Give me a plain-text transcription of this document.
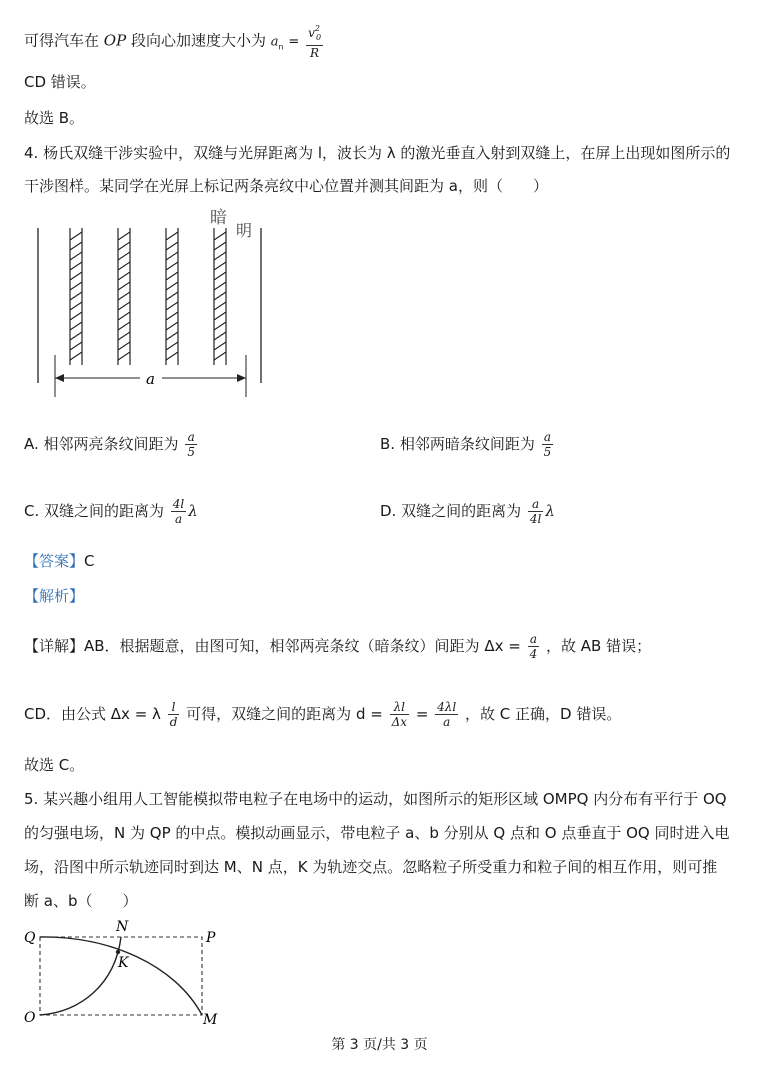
可得汽车在 OP 段向心加速度大小为 $a_n = \frac{v^2_0}{R}$
CD 错误。
故选 B。
4. 杨氏双缝干涉实验中，双缝与光屏距离为 l，波长为 λ 的激光垂直入射到双缝上，在屏上出现如图所示的
干涉图样。某同学在光屏上标记两条亮纹中心位置并测其间距为 a，则（　　）
a
暗
明
A. 相邻两亮条纹间距为 $\frac{a}{5}$	B. 相邻两暗条纹间距为 $\frac{a}{5}$
C. 双缝之间的距离为 $\frac{4l}{a}$ λ	D. 双缝之间的距离为 $\frac{a}{4l}$ λ
【答案】C
【解析】
【详解】AB．根据题意，由图可知，相邻两亮条纹（暗条纹）间距为 $\Delta x = \frac{a}{4}$ ，故 AB 错误；
CD．由公式 Δx = λ $\frac{l}{d}$ 可得，双缝之间的距离为 $d = \frac{\lambda l}{\Delta x} = \frac{4\lambda l}{a}$ ，故 C 正确，D 错误。
故选 C。
5. 某兴趣小组用人工智能模拟带电粒子在电场中的运动，如图所示的矩形区域 OMPQ 内分布有平行于 OQ
的匀强电场，N 为 QP 的中点。模拟动画显示，带电粒子 a、b 分别从 Q 点和 O 点垂直于 OQ 同时进入电
场，沿图中所示轨迹同时到达 M、N 点，K 为轨迹交点。忽略粒子所受重力和粒子间的相互作用，则可推
断 a、b（　　）
Q
N
P
K
O	M
第 3 页/共 3 页
